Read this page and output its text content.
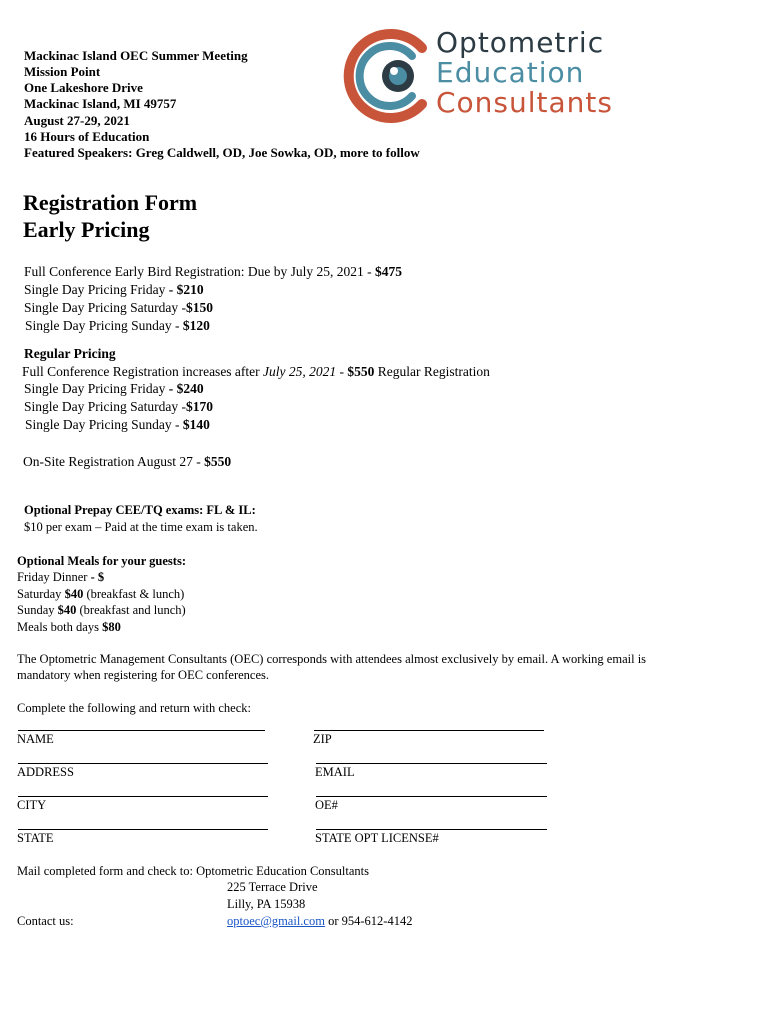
Mackinac Island OEC Summer Meeting
Mission Point
One Lakeshore Drive
Mackinac Island, MI 49757
August 27-29, 2021
16 Hours of Education
Featured Speakers: Greg Caldwell, OD, Joe Sowka, OD, more to follow
Optometric
Education
Consultants
Registration Form
Early Pricing
Full Conference Early Bird Registration: Due by July 25, 2021 - $475
Single Day Pricing Friday - $210
Single Day Pricing Saturday -$150
Single Day Pricing Sunday - $120
Regular Pricing
Full Conference Registration increases after July 25, 2021 - $550 Regular Registration
Single Day Pricing Friday - $240
Single Day Pricing Saturday -$170
Single Day Pricing Sunday - $140
On-Site Registration August 27 - $550
Optional Prepay CEE/TQ exams: FL & IL:
$10 per exam – Paid at the time exam is taken.
Optional Meals for your guests:
Friday Dinner - $
Saturday $40 (breakfast & lunch)
Sunday $40 (breakfast and lunch)
Meals both days $80
The Optometric Management Consultants (OEC) corresponds with attendees almost exclusively by email. A working email is
mandatory when registering for OEC conferences.
Complete the following and return with check:
NAME	ZIP
ADDRESS	EMAIL
CITY	OE#
STATE	STATE OPT LICENSE#
Mail completed form and check to: Optometric Education Consultants
225 Terrace Drive
Lilly, PA 15938
Contact us:	optoec@gmail.com or 954-612-4142
